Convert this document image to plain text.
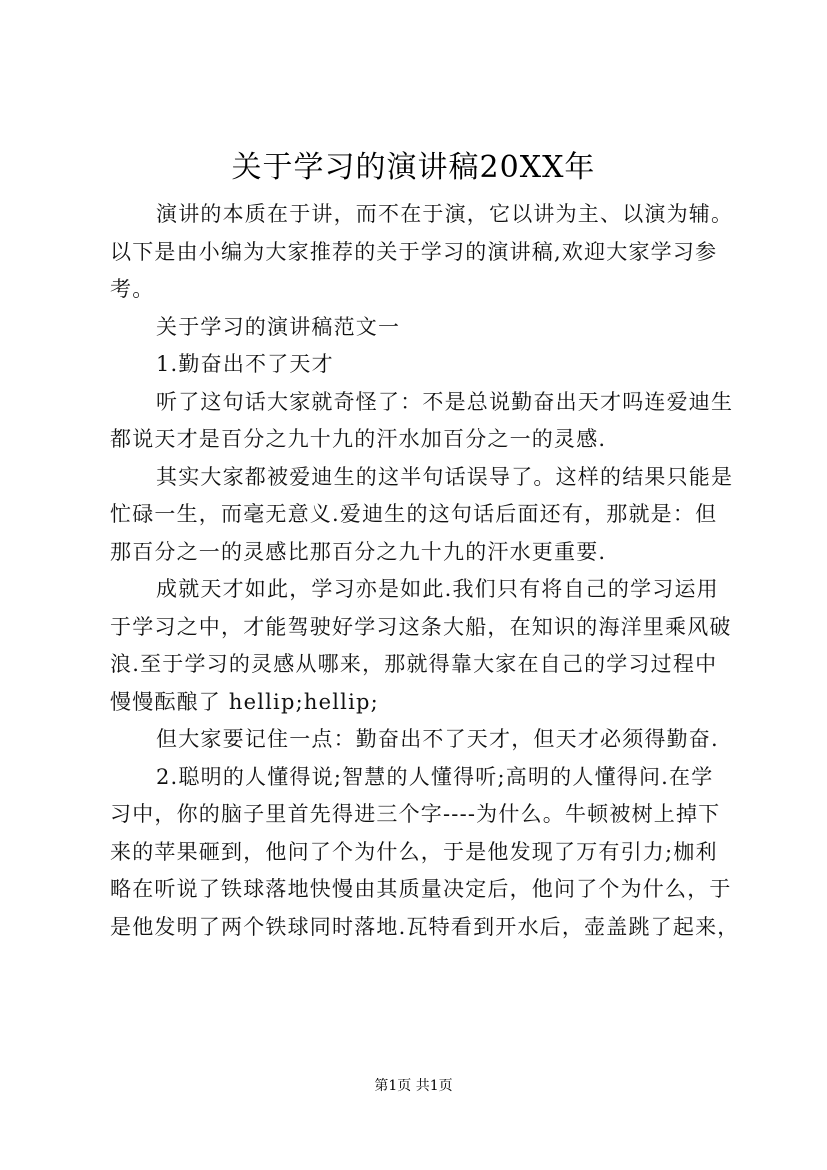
关于学习的演讲稿20XX年
演讲的本质在于讲，而不在于演，它以讲为主、以演为辅。
以下是由小编为大家推荐的关于学习的演讲稿,欢迎大家学习参
考。
关于学习的演讲稿范文一
1.勤奋出不了天才
听了这句话大家就奇怪了：不是总说勤奋出天才吗连爱迪生
都说天才是百分之九十九的汗水加百分之一的灵感.
其实大家都被爱迪生的这半句话误导了。这样的结果只能是
忙碌一生，而毫无意义.爱迪生的这句话后面还有，那就是：但
那百分之一的灵感比那百分之九十九的汗水更重要.
成就天才如此，学习亦是如此.我们只有将自己的学习运用
于学习之中，才能驾驶好学习这条大船，在知识的海洋里乘风破
浪.至于学习的灵感从哪来，那就得靠大家在自己的学习过程中
慢慢酝酿了 hellip;hellip;
但大家要记住一点：勤奋出不了天才，但天才必须得勤奋.
2.聪明的人懂得说;智慧的人懂得听;高明的人懂得问.在学
习中，你的脑子里首先得进三个字----为什么。牛顿被树上掉下
来的苹果砸到，他问了个为什么，于是他发现了万有引力;枷利
略在听说了铁球落地快慢由其质量决定后，他问了个为什么，于
是他发明了两个铁球同时落地.瓦特看到开水后，壶盖跳了起来，
第1页 共1页
